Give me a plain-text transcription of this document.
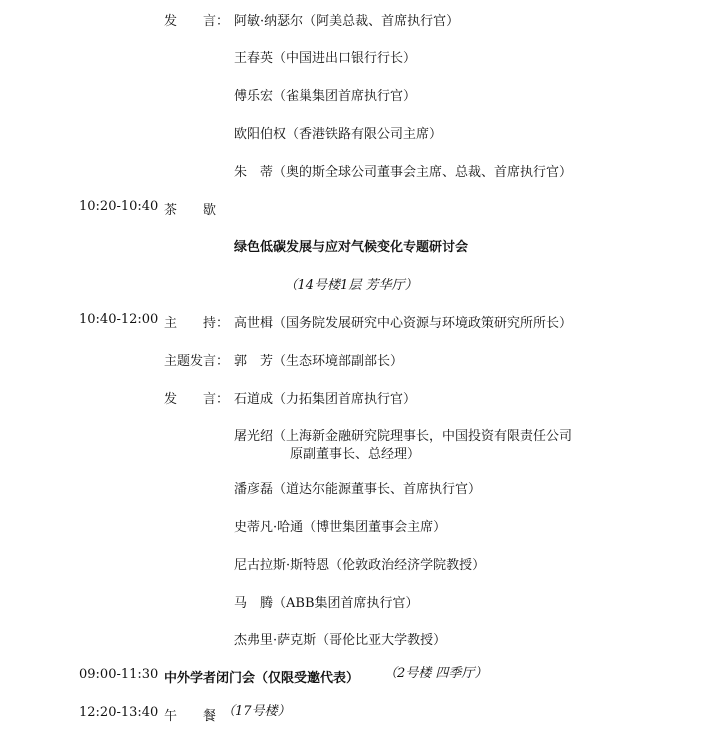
发　　言： 阿敏·纳瑟尔（阿美总裁、首席执行官）
王春英（中国进出口银行行长）
傅乐宏（雀巢集团首席执行官）
欧阳伯权（香港铁路有限公司主席）
朱　蒂（奥的斯全球公司董事会主席、总裁、首席执行官）
10:20-10:40 茶　　歇
绿色低碳发展与应对气候变化专题研讨会
（14号楼1层 芳华厅）
10:40-12:00 主　　持： 高世楫（国务院发展研究中心资源与环境政策研究所所长）
主题发言： 郭　芳（生态环境部副部长）
发　　言： 石道成（力拓集团首席执行官）
屠光绍（上海新金融研究院理事长，中国投资有限责任公司
原副董事长、总经理）
潘彦磊（道达尔能源董事长、首席执行官）
史蒂凡·哈通（博世集团董事会主席）
尼古拉斯·斯特恩（伦敦政治经济学院教授）
马　腾（ABB集团首席执行官）
杰弗里·萨克斯（哥伦比亚大学教授）
09:00-11:30 中外学者闭门会（仅限受邀代表） （2号楼 四季厅）
12:20-13:40 午　　餐 （17号楼）
